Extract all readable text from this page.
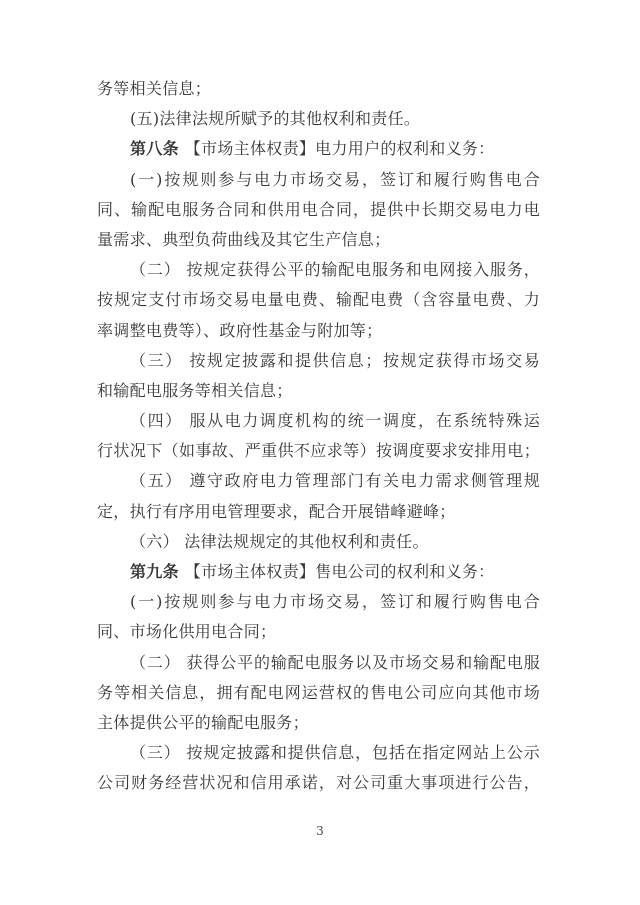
务等相关信息；
(五)法律法规所赋予的其他权利和责任。
第八条 【市场主体权责】电力用户的权利和义务：
(一)按规则参与电力市场交易，签订和履行购售电合
同、输配电服务合同和供用电合同，提供中长期交易电力电
量需求、典型负荷曲线及其它生产信息；
（二） 按规定获得公平的输配电服务和电网接入服务，
按规定支付市场交易电量电费、输配电费（含容量电费、力
率调整电费等）、政府性基金与附加等；
（三） 按规定披露和提供信息；按规定获得市场交易
和输配电服务等相关信息；
（四） 服从电力调度机构的统一调度，在系统特殊运
行状况下（如事故、严重供不应求等）按调度要求安排用电；
（五） 遵守政府电力管理部门有关电力需求侧管理规
定，执行有序用电管理要求，配合开展错峰避峰；
（六） 法律法规规定的其他权利和责任。
第九条 【市场主体权责】售电公司的权利和义务：
(一)按规则参与电力市场交易，签订和履行购售电合
同、市场化供用电合同；
（二） 获得公平的输配电服务以及市场交易和输配电服
务等相关信息，拥有配电网运营权的售电公司应向其他市场
主体提供公平的输配电服务；
（三） 按规定披露和提供信息，包括在指定网站上公示
公司财务经营状况和信用承诺，对公司重大事项进行公告，
3
